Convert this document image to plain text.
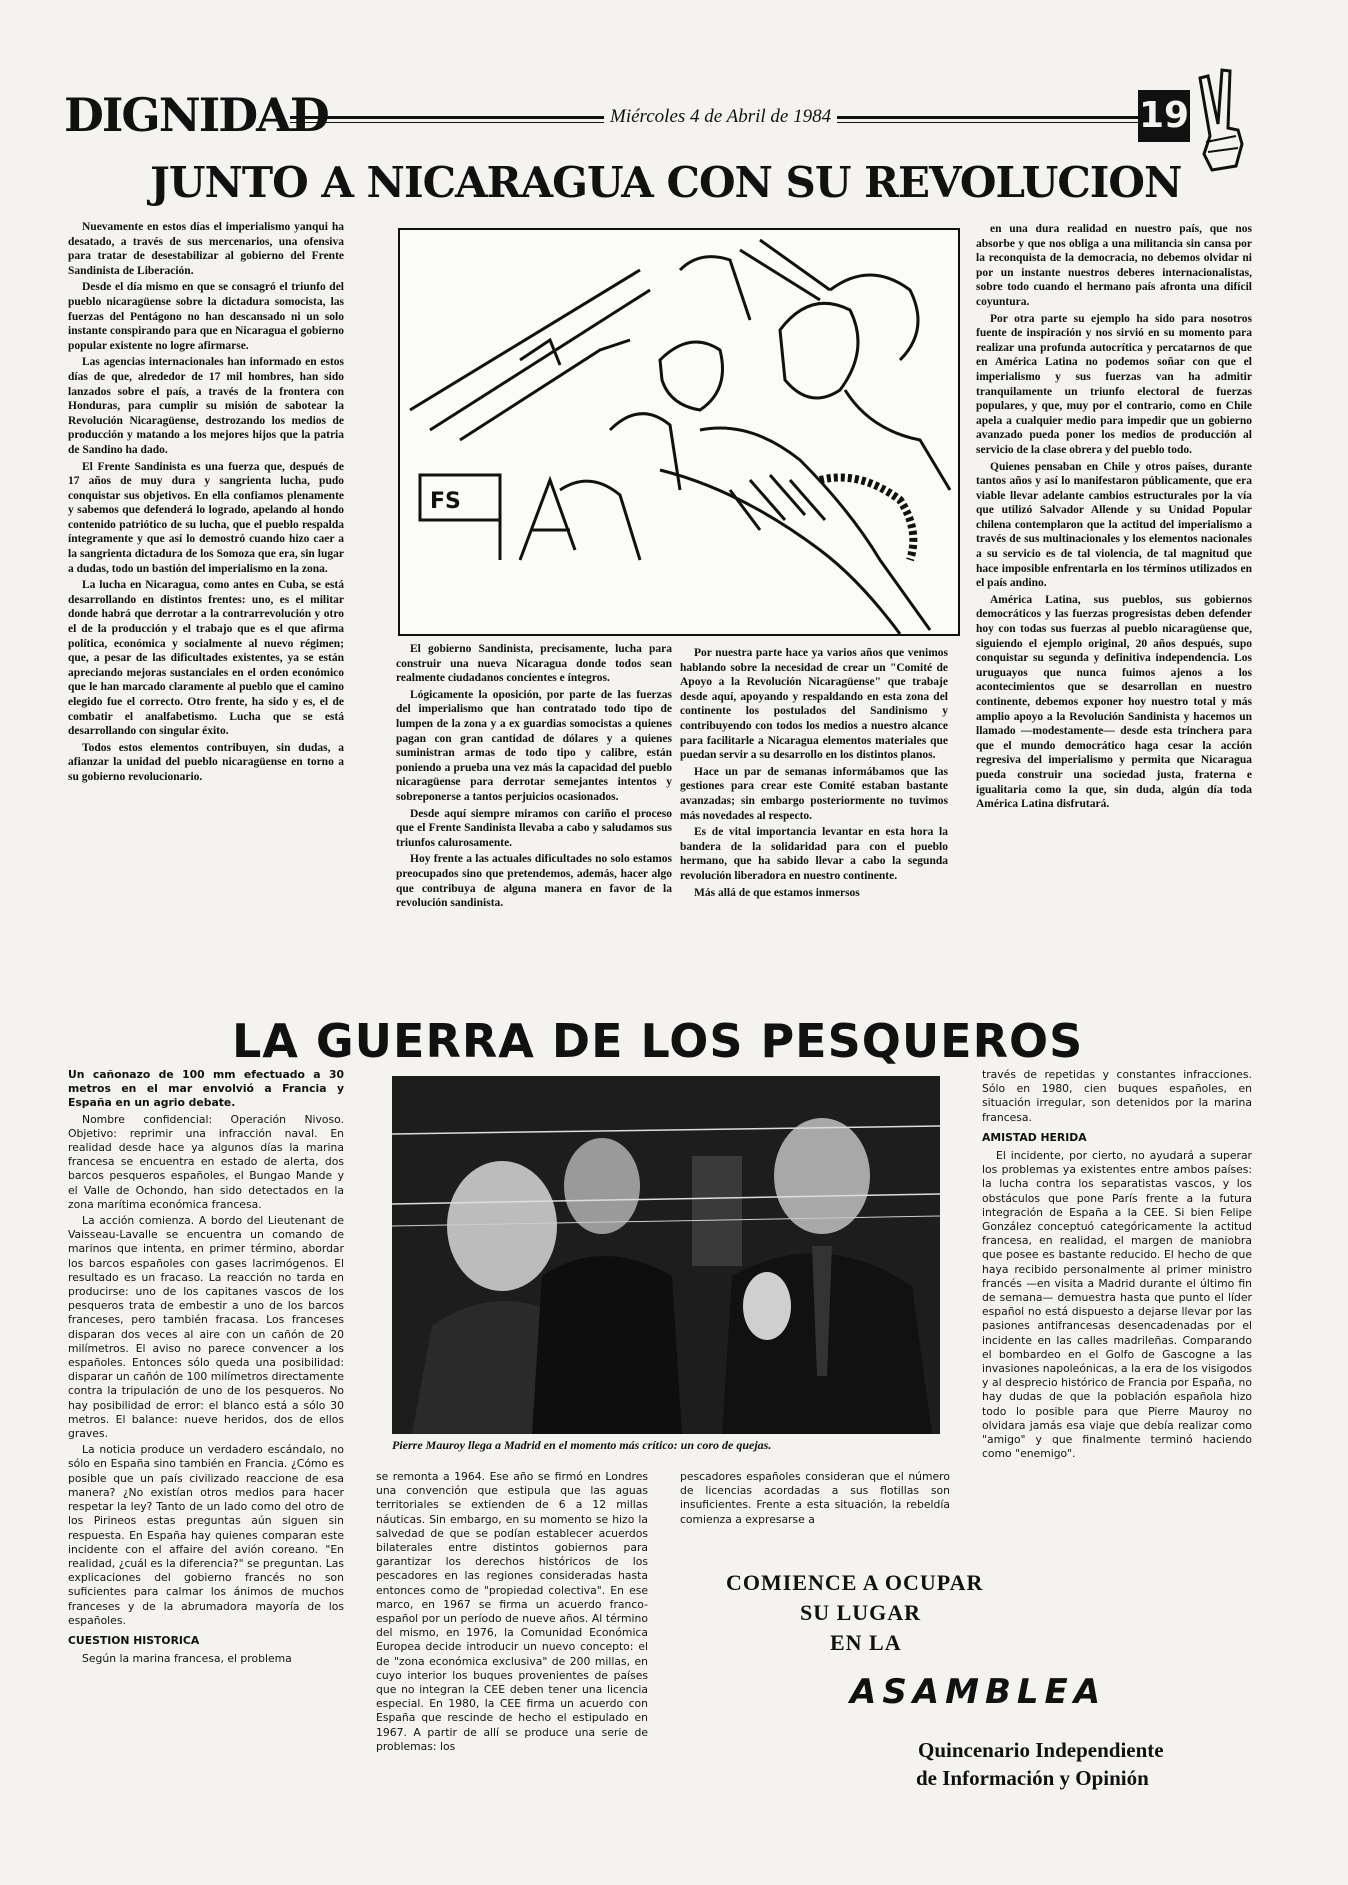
DIGNIDAD	Miércoles 4 de Abril de 1984	19
JUNTO A NICARAGUA CON SU REVOLUCION

Nuevamente en estos días el imperialismo yanqui ha desatado, a través de sus mercenarios, una ofensiva para tratar de desestabilizar al gobierno del Frente Sandinista de Liberación.

Desde el día mismo en que se consagró el triunfo del pueblo nicaragüense sobre la dictadura somocista, las fuerzas del Pentágono no han descansado ni un solo instante conspirando para que en Nicaragua el gobierno popular existente no logre afirmarse.

Las agencias internacionales han informado en estos días de que, alrededor de 17 mil hombres, han sido lanzados sobre el país, a través de la frontera con Honduras, para cumplir su misión de sabotear la Revolución Nicaragüense, destrozando los medios de producción y matando a los mejores hijos que la patria de Sandino ha dado.

El Frente Sandinista es una fuerza que, después de 17 años de muy dura y sangrienta lucha, pudo conquistar sus objetivos. En ella confiamos plenamente y sabemos que defenderá lo logrado, apelando al hondo contenido patriótico de su lucha, que el pueblo respalda íntegramente y que así lo demostró cuando hizo caer a la sangrienta dictadura de los Somoza que era, sin lugar a dudas, todo un bastión del imperialismo en la zona.

La lucha en Nicaragua, como antes en Cuba, se está desarrollando en distintos frentes: uno, es el militar donde habrá que derrotar a la contrarrevolución y otro el de la producción y el trabajo que es el que afirma política, económica y socialmente al nuevo régimen; que, a pesar de las dificultades existentes, ya se están apreciando mejoras sustanciales en el orden económico que le han marcado claramente al pueblo que el camino elegido fue el correcto. Otro frente, ha sido y es, el de combatir el analfabetismo. Lucha que se está desarrollando con singular éxito.

Todos estos elementos contribuyen, sin dudas, a afianzar la unidad del pueblo nicaragüense en torno a su gobierno revolucionario.

FS

El gobierno Sandinista, precisamente, lucha para construir una nueva Nicaragua donde todos sean realmente ciudadanos concientes e íntegros.

Lógicamente la oposición, por parte de las fuerzas del imperialismo que han contratado todo tipo de lumpen de la zona y a ex guardias somocistas a quienes pagan con gran cantidad de dólares y a quienes suministran armas de todo tipo y calibre, están poniendo a prueba una vez más la capacidad del pueblo nicaragüense para derrotar semejantes intentos y sobreponerse a tantos perjuicios ocasionados.

Desde aquí siempre miramos con cariño el proceso que el Frente Sandinista llevaba a cabo y saludamos sus triunfos calurosamente.

Hoy frente a las actuales dificultades no solo estamos preocupados sino que pretendemos, además, hacer algo que contribuya de alguna manera en favor de la revolución sandinista.

Por nuestra parte hace ya varios años que venimos hablando sobre la necesidad de crear un "Comité de Apoyo a la Revolución Nicaragüense" que trabaje desde aquí, apoyando y respaldando en esta zona del continente los postulados del Sandinismo y contribuyendo con todos los medios a nuestro alcance para facilitarle a Nicaragua elementos materiales que puedan servir a su desarrollo en los distintos planos.

Hace un par de semanas informábamos que las gestiones para crear este Comité estaban bastante avanzadas; sin embargo posteriormente no tuvimos más novedades al respecto.

Es de vital importancia levantar en esta hora la bandera de la solidaridad para con el pueblo hermano, que ha sabido llevar a cabo la segunda revolución liberadora en nuestro continente.

Más allá de que estamos inmersos

en una dura realidad en nuestro país, que nos absorbe y que nos obliga a una militancia sin cansa por la reconquista de la democracia, no debemos olvidar ni por un instante nuestros deberes internacionalistas, sobre todo cuando el hermano país afronta una difícil coyuntura.

Por otra parte su ejemplo ha sido para nosotros fuente de inspiración y nos sirvió en su momento para realizar una profunda autocrítica y percatarnos de que en América Latina no podemos soñar con que el imperialismo y sus fuerzas van ha admitir tranquilamente un triunfo electoral de fuerzas populares, y que, muy por el contrario, como en Chile apela a cualquier medio para impedir que un gobierno avanzado pueda poner los medios de producción al servicio de la clase obrera y del pueblo todo.

Quienes pensaban en Chile y otros países, durante tantos años y así lo manifestaron públicamente, que era viable llevar adelante cambios estructurales por la vía que utilizó Salvador Allende y su Unidad Popular chilena contemplaron que la actitud del imperialismo a través de sus multinacionales y los elementos nacionales a su servicio es de tal violencia, de tal magnitud que hace imposible enfrentarla en los términos utilizados en el país andino.

América Latina, sus pueblos, sus gobiernos democráticos y las fuerzas progresistas deben defender hoy con todas sus fuerzas al pueblo nicaragüense que, siguiendo el ejemplo original, 20 años después, supo conquistar su segunda y definitiva independencia. Los uruguayos que nunca fuimos ajenos a los acontecimientos que se desarrollan en nuestro continente, debemos exponer hoy nuestro total y más amplio apoyo a la Revolución Sandinista y hacemos un llamado —modestamente— desde esta trinchera para que el mundo democrático haga cesar la acción regresiva del imperialismo y permita que Nicaragua pueda construir una sociedad justa, fraterna e igualitaria como la que, sin duda, algún día toda América Latina disfrutará.

LA GUERRA DE LOS PESQUEROS

Un cañonazo de 100 mm efectuado a 30 metros en el mar envolvió a Francia y España en un agrio debate.

Nombre confidencial: Operación Nivoso. Objetivo: reprimir una infracción naval. En realidad desde hace ya algunos días la marina francesa se encuentra en estado de alerta, dos barcos pesqueros españoles, el Bungao Mande y el Valle de Ochondo, han sido detectados en la zona marítima económica francesa.

La acción comienza. A bordo del Lieutenant de Vaisseau-Lavalle se encuentra un comando de marinos que intenta, en primer término, abordar los barcos españoles con gases lacrimógenos. El resultado es un fracaso. La reacción no tarda en producirse: uno de los capitanes vascos de los pesqueros trata de embestir a uno de los barcos franceses, pero también fracasa. Los franceses disparan dos veces al aire con un cañón de 20 milímetros. El aviso no parece convencer a los españoles. Entonces sólo queda una posibilidad: disparar un cañón de 100 milímetros directamente contra la tripulación de uno de los pesqueros. No hay posibilidad de error: el blanco está a sólo 30 metros. El balance: nueve heridos, dos de ellos graves.

La noticia produce un verdadero escándalo, no sólo en España sino también en Francia. ¿Cómo es posible que un país civilizado reaccione de esa manera? ¿No existían otros medios para hacer respetar la ley? Tanto de un lado como del otro de los Pirineos estas preguntas aún siguen sin respuesta. En España hay quienes comparan este incidente con el affaire del avión coreano. "En realidad, ¿cuál es la diferencia?" se preguntan. Las explicaciones del gobierno francés no son suficientes para calmar los ánimos de muchos franceses y de la abrumadora mayoría de los españoles.

CUESTION HISTORICA

Según la marina francesa, el problema

Pierre Mauroy llega a Madrid en el momento más crítico: un coro de quejas.

se remonta a 1964. Ese año se firmó en Londres una convención que estipula que las aguas territoriales se extienden de 6 a 12 millas náuticas. Sin embargo, en su momento se hizo la salvedad de que se podían establecer acuerdos bilaterales entre distintos gobiernos para garantizar los derechos históricos de los pescadores en las regiones consideradas hasta entonces como de "propiedad colectiva". En ese marco, en 1967 se firma un acuerdo franco-español por un período de nueve años. Al término del mismo, en 1976, la Comunidad Económica Europea decide introducir un nuevo concepto: el de "zona económica exclusiva" de 200 millas, en cuyo interior los buques provenientes de países que no integran la CEE deben tener una licencia especial. En 1980, la CEE firma un acuerdo con España que rescinde de hecho el estipulado en 1967. A partir de allí se produce una serie de problemas: los

pescadores españoles consideran que el número de licencias acordadas a sus flotillas son insuficientes. Frente a esta situación, la rebeldía comienza a expresarse a

través de repetidas y constantes infracciones. Sólo en 1980, cien buques españoles, en situación irregular, son detenidos por la marina francesa.

AMISTAD HERIDA

El incidente, por cierto, no ayudará a superar los problemas ya existentes entre ambos países: la lucha contra los separatistas vascos, y los obstáculos que pone París frente a la futura integración de España a la CEE. Si bien Felipe González conceptuó categóricamente la actitud francesa, en realidad, el margen de maniobra que posee es bastante reducido. El hecho de que haya recibido personalmente al primer ministro francés —en visita a Madrid durante el último fin de semana— demuestra hasta que punto el líder español no está dispuesto a dejarse llevar por las pasiones antifrancesas desencadenadas por el incidente en las calles madrileñas. Comparando el bombardeo en el Golfo de Gascogne a las invasiones napoleónicas, a la era de los visigodos y al desprecio histórico de Francia por España, no hay dudas de que la población española hizo todo lo posible para que Pierre Mauroy no olvidara jamás esa viaje que debía realizar como "amigo" y que finalmente terminó haciendo como "enemigo".

COMIENCE A OCUPAR
SU LUGAR
EN LA
ASAMBLEA
Quincenario Independiente
de Información y Opinión
